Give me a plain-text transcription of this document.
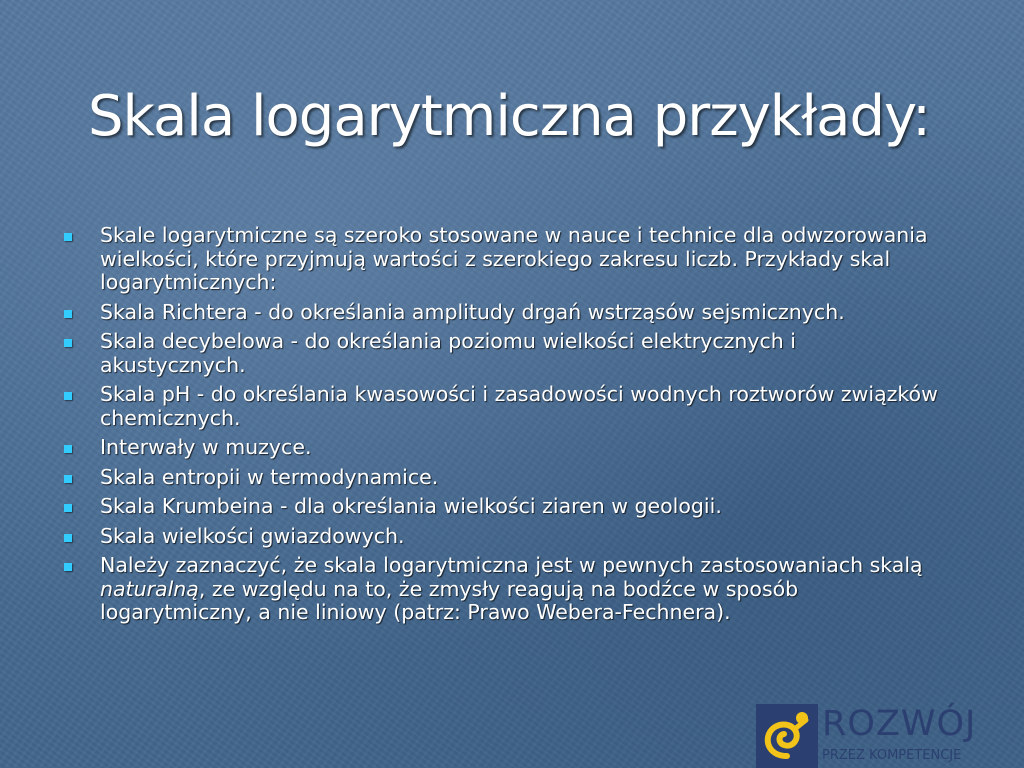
Skala logarytmiczna przykłady:
Skale logarytmiczne są szeroko stosowane w nauce i technice dla odwzorowania wielkości, które przyjmują wartości z szerokiego zakresu liczb. Przykłady skal logarytmicznych:
Skala Richtera - do określania amplitudy drgań wstrząsów sejsmicznych.
Skala decybelowa - do określania poziomu wielkości elektrycznych i akustycznych.
Skala pH - do określania kwasowości i zasadowości wodnych roztworów związków chemicznych.
Interwały w muzyce.
Skala entropii w termodynamice.
Skala Krumbeina - dla określania wielkości ziaren w geologii.
Skala wielkości gwiazdowych.
Należy zaznaczyć, że skala logarytmiczna jest w pewnych zastosowaniach skalą naturalną, ze względu na to, że zmysły reagują na bodźce w sposób logarytmiczny, a nie liniowy (patrz: Prawo Webera-Fechnera).
ROZWÓJ
PRZEZ KOMPETENCJE
